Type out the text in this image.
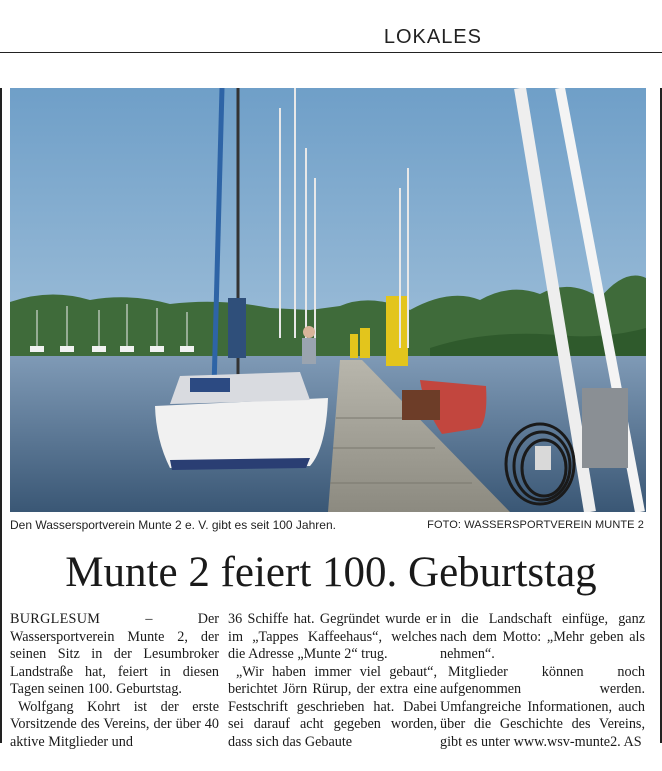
LOKALES
Den Wassersportverein Munte 2 e. V. gibt es seit 100 Jahren.	FOTO: WASSERSPORTVEREIN MUNTE 2
Munte 2 feiert 100. Geburtstag

BURGLESUM – Der Wassersportverein Munte 2, der seinen Sitz in der Lesumbroker Landstraße hat, feiert in diesen Tagen seinen 100. Geburtstag.

Wolfgang Kohrt ist der erste Vorsitzende des Vereins, der über 40 aktive Mitglieder und

36 Schiffe hat. Gegründet wurde er im „Tappes Kaffeehaus“, welches die Adresse „Munte 2“ trug.

„Wir haben immer viel gebaut“, berichtet Jörn Rürup, der extra eine Festschrift geschrieben hat. Dabei sei darauf acht gegeben worden, dass sich das Gebaute

in die Landschaft einfüge, ganz nach dem Motto: „Mehr geben als nehmen“.

Mitglieder können noch aufgenommen werden. Umfangreiche Informationen, auch über die Geschichte des Vereins, gibt es unter www.wsv-munte2. AS
